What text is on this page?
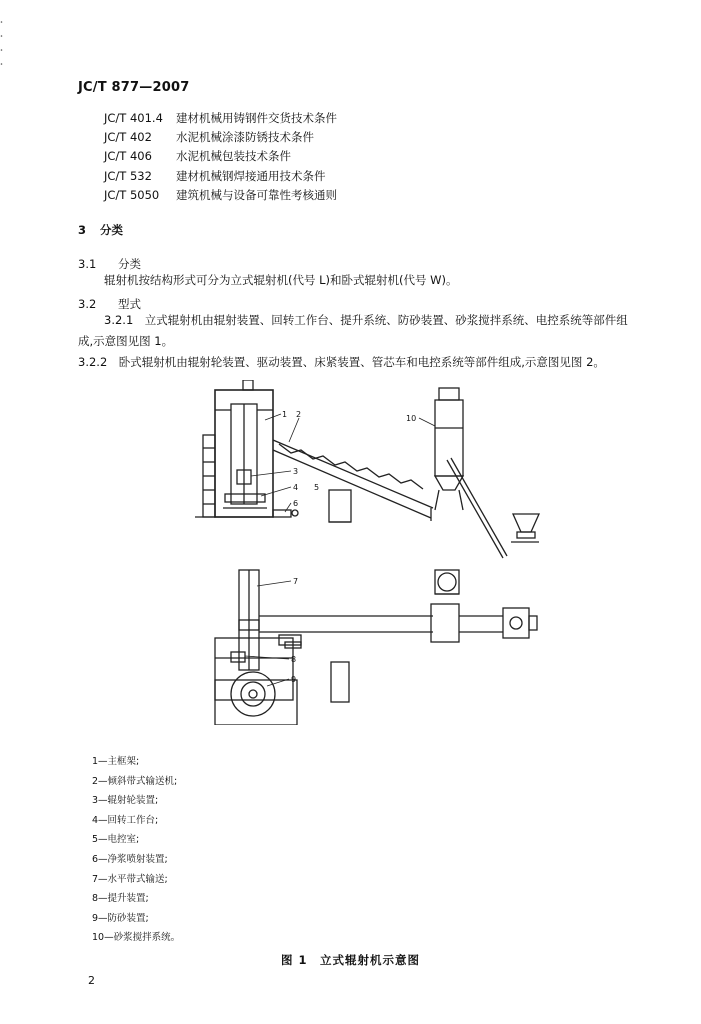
JC/T 877—2007
JC/T 401.4 建材机械用铸钢件交货技术条件
JC/T 402 水泥机械涂漆防锈技术条件
JC/T 406 水泥机械包装技术条件
JC/T 532 建材机械钢焊接通用技术条件
JC/T 5050 建筑机械与设备可靠性考核通则
3 分类
3.1 分类
辊射机按结构形式可分为立式辊射机(代号 L)和卧式辊射机(代号 W)。
3.2 型式
3.2.1　立式辊射机由辊射装置、回转工作台、提升系统、防砂装置、砂浆搅拌系统、电控系统等部件组成,示意图见图 1。
3.2.2　卧式辊射机由辊射轮装置、驱动装置、床紧装置、管芯车和电控系统等部件组成,示意图见图 2。
1 2
3
4 5
6
7
8
9
10
1—主框架;
2—倾斜带式输送机;
3—辊射轮装置;
4—回转工作台;
5—电控室;
6—净浆喷射装置;
7—水平带式输送;
8—提升装置;
9—防砂装置;
10—砂浆搅拌系统。
图 1　立式辊射机示意图
2
